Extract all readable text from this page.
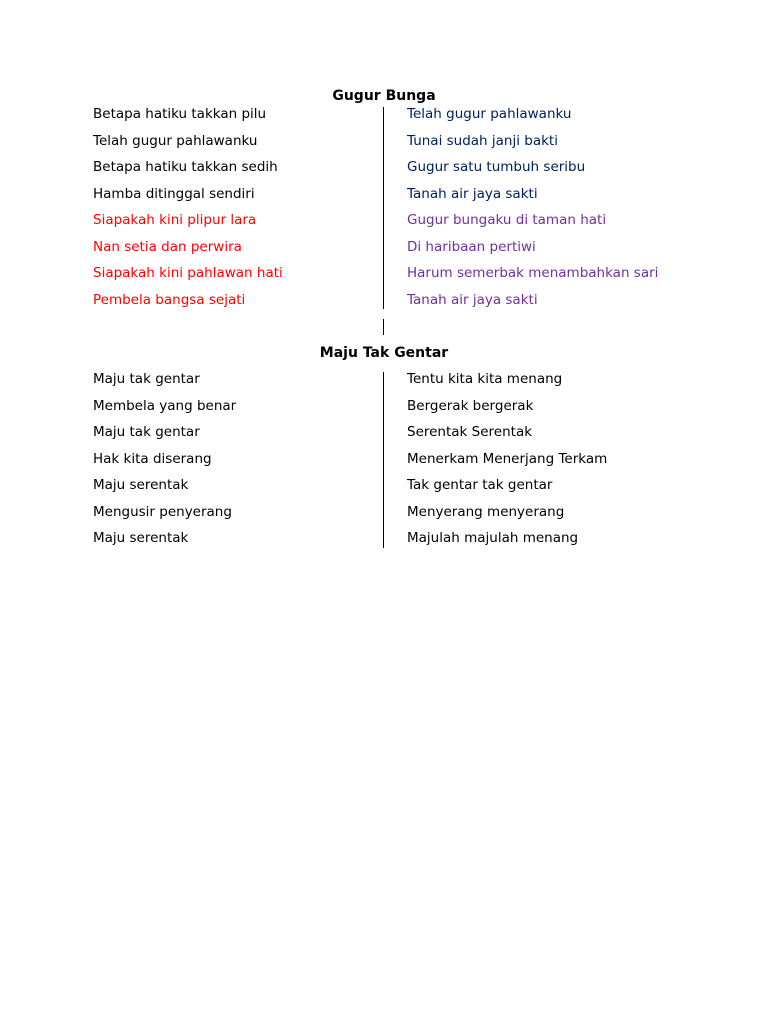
Gugur Bunga
Betapa hatiku takkan pilu
Telah gugur pahlawanku
Betapa hatiku takkan sedih
Hamba ditinggal sendiri
Siapakah kini plipur lara
Nan setia dan perwira
Siapakah kini pahlawan hati
Pembela bangsa sejati
Telah gugur pahlawanku
Tunai sudah janji bakti
Gugur satu tumbuh seribu
Tanah air jaya sakti
Gugur bungaku di taman hati
Di haribaan pertiwi
Harum semerbak menambahkan sari
Tanah air jaya sakti
Maju Tak Gentar
Maju tak gentar
Membela yang benar
Maju tak gentar
Hak kita diserang
Maju serentak
Mengusir penyerang
Maju serentak
Tentu kita kita menang
Bergerak bergerak
Serentak Serentak
Menerkam Menerjang Terkam
Tak gentar tak gentar
Menyerang menyerang
Majulah majulah menang
